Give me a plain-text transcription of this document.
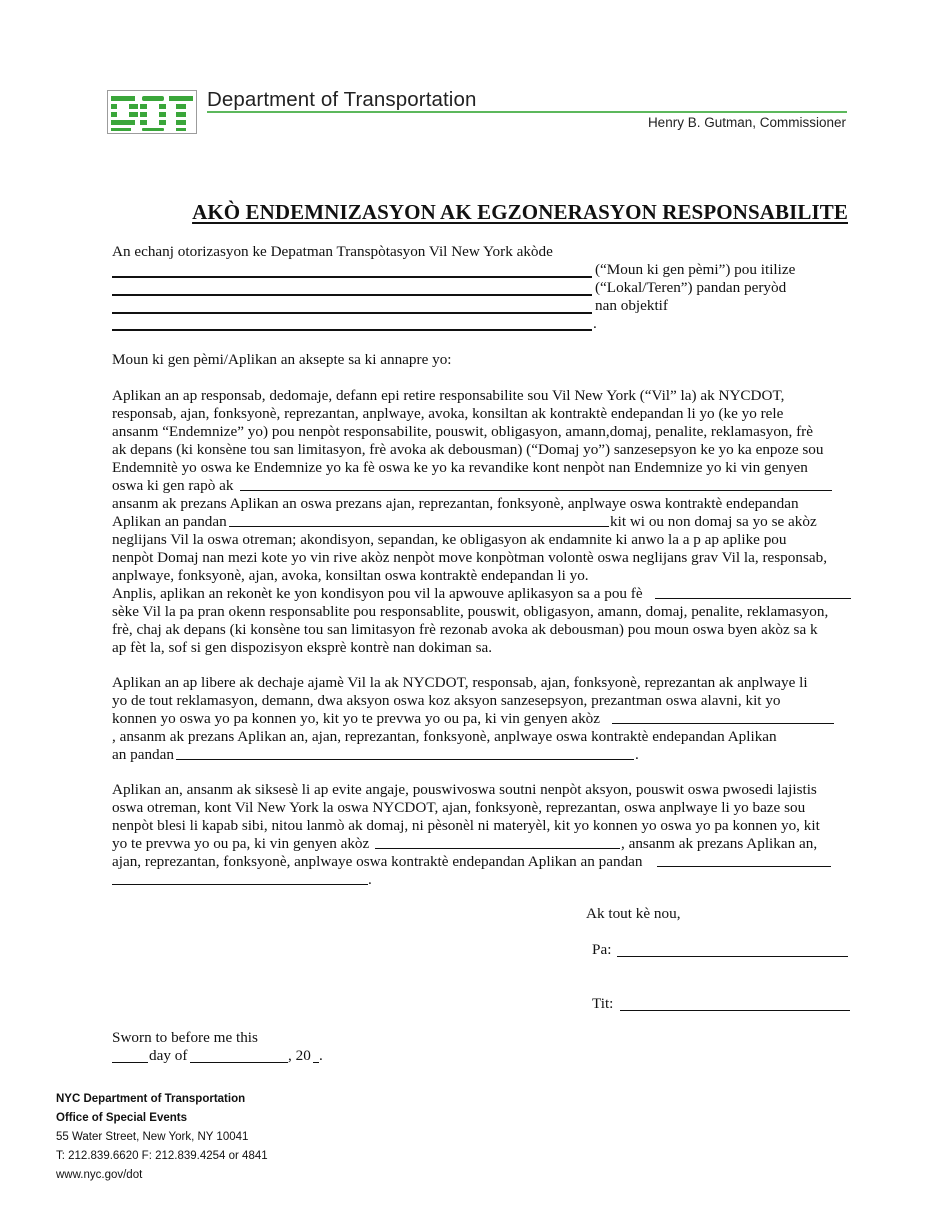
Department of Transportation
Henry B. Gutman, Commissioner
AKÒ ENDEMNIZASYON AK EGZONERASYON RESPONSABILITE
An echanj otorizasyon ke Depatman Transpòtasyon Vil New York akòde
(“Moun ki gen pèmi”) pou itilize
(“Lokal/Teren”) pandan peryòd
nan objektif
.
Moun ki gen pèmi/Aplikan an aksepte sa ki annapre yo:
Aplikan an ap responsab, dedomaje, defann epi retire responsabilite sou Vil New York (“Vil” la) ak NYCDOT,
responsab, ajan, fonksyonè, reprezantan, anplwaye, avoka, konsiltan ak kontraktè endepandan li yo (ke yo rele
ansanm “Endemnize” yo) pou nenpòt responsabilite, pouswit, obligasyon, amann,domaj, penalite, reklamasyon, frè
ak depans (ki konsène tou san limitasyon, frè avoka ak debousman) (“Domaj yo”) sanzesepsyon ke yo ka enpoze sou
Endemnitè yo oswa ke Endemnize yo ka fè oswa ke yo ka revandike kont nenpòt nan Endemnize yo ki vin genyen
oswa ki gen rapò ak
ansanm ak prezans Aplikan an oswa prezans ajan, reprezantan, fonksyonè, anplwaye oswa kontraktè endepandan
Aplikan an pandan	kit wi ou non domaj sa yo se akòz
neglijans Vil la oswa otreman; akondisyon, sepandan, ke obligasyon ak endamnite ki anwo la a p ap aplike pou
nenpòt Domaj nan mezi kote yo vin rive akòz nenpòt move konpòtman volontè oswa neglijans grav Vil la, responsab,
anplwaye, fonksyonè, ajan, avoka, konsiltan oswa kontraktè endepandan li yo.
Anplis, aplikan an rekonèt ke yon kondisyon pou vil la apwouve aplikasyon sa a pou fè
sèke Vil la pa pran okenn responsablite pou responsablite, pouswit, obligasyon, amann, domaj, penalite, reklamasyon,
frè, chaj ak depans (ki konsène tou san limitasyon frè rezonab avoka ak debousman) pou moun oswa byen akòz sa k
ap fèt la, sof si gen dispozisyon eksprè kontrè nan dokiman sa.
Aplikan an ap libere ak dechaje ajamè Vil la ak NYCDOT, responsab, ajan, fonksyonè, reprezantan ak anplwaye li
yo de tout reklamasyon, demann, dwa aksyon oswa koz aksyon sanzesepsyon, prezantman oswa alavni, kit yo
konnen yo oswa yo pa konnen yo, kit yo te prevwa yo ou pa, ki vin genyen akòz
, ansanm ak prezans Aplikan an, ajan, reprezantan, fonksyonè, anplwaye oswa kontraktè endepandan Aplikan
an pandan	.
Aplikan an, ansanm ak siksesè li ap evite angaje, pouswivoswa soutni nenpòt aksyon, pouswit oswa pwosedi lajistis
oswa otreman, kont Vil New York la oswa NYCDOT, ajan, fonksyonè, reprezantan, oswa anplwaye li yo baze sou
nenpòt blesi li kapab sibi, nitou lanmò ak domaj, ni pèsonèl ni materyèl, kit yo konnen yo oswa yo pa konnen yo, kit
yo te prevwa yo ou pa, ki vin genyen akòz	, ansanm ak prezans Aplikan an,
ajan, reprezantan, fonksyonè, anplwaye oswa kontraktè endepandan Aplikan an pandan
.
Ak tout kè nou,
Pa:
Tit:
Sworn to before me this
day of	, 20 .
NYC Department of Transportation
Office of Special Events
55 Water Street, New York, NY 10041
T: 212.839.6620 F: 212.839.4254 or 4841
www.nyc.gov/dot
